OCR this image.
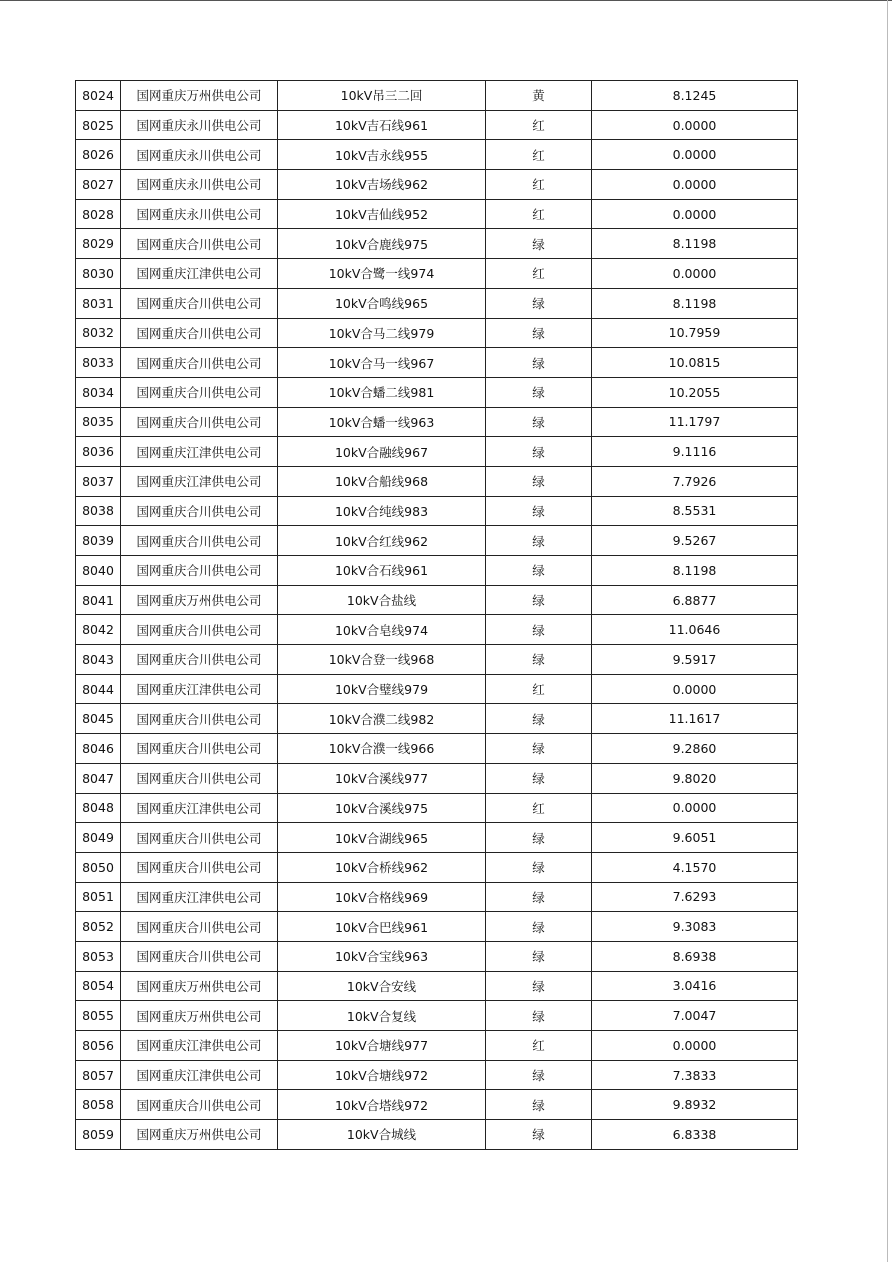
8024	国网重庆万州供电公司	10kV吊三二回	黄	8.1245
8025	国网重庆永川供电公司	10kV吉石线961	红	0.0000
8026	国网重庆永川供电公司	10kV吉永线955	红	0.0000
8027	国网重庆永川供电公司	10kV吉场线962	红	0.0000
8028	国网重庆永川供电公司	10kV吉仙线952	红	0.0000
8029	国网重庆合川供电公司	10kV合鹿线975	绿	8.1198
8030	国网重庆江津供电公司	10kV合鹭一线974	红	0.0000
8031	国网重庆合川供电公司	10kV合鸣线965	绿	8.1198
8032	国网重庆合川供电公司	10kV合马二线979	绿	10.7959
8033	国网重庆合川供电公司	10kV合马一线967	绿	10.0815
8034	国网重庆合川供电公司	10kV合蟠二线981	绿	10.2055
8035	国网重庆合川供电公司	10kV合蟠一线963	绿	11.1797
8036	国网重庆江津供电公司	10kV合融线967	绿	9.1116
8037	国网重庆江津供电公司	10kV合船线968	绿	7.7926
8038	国网重庆合川供电公司	10kV合纯线983	绿	8.5531
8039	国网重庆合川供电公司	10kV合红线962	绿	9.5267
8040	国网重庆合川供电公司	10kV合石线961	绿	8.1198
8041	国网重庆万州供电公司	10kV合盐线	绿	6.8877
8042	国网重庆合川供电公司	10kV合皂线974	绿	11.0646
8043	国网重庆合川供电公司	10kV合登一线968	绿	9.5917
8044	国网重庆江津供电公司	10kV合璧线979	红	0.0000
8045	国网重庆合川供电公司	10kV合濮二线982	绿	11.1617
8046	国网重庆合川供电公司	10kV合濮一线966	绿	9.2860
8047	国网重庆合川供电公司	10kV合溪线977	绿	9.8020
8048	国网重庆江津供电公司	10kV合溪线975	红	0.0000
8049	国网重庆合川供电公司	10kV合湖线965	绿	9.6051
8050	国网重庆合川供电公司	10kV合桥线962	绿	4.1570
8051	国网重庆江津供电公司	10kV合格线969	绿	7.6293
8052	国网重庆合川供电公司	10kV合巴线961	绿	9.3083
8053	国网重庆合川供电公司	10kV合宝线963	绿	8.6938
8054	国网重庆万州供电公司	10kV合安线	绿	3.0416
8055	国网重庆万州供电公司	10kV合复线	绿	7.0047
8056	国网重庆江津供电公司	10kV合塘线977	红	0.0000
8057	国网重庆江津供电公司	10kV合塘线972	绿	7.3833
8058	国网重庆合川供电公司	10kV合塔线972	绿	9.8932
8059	国网重庆万州供电公司	10kV合城线	绿	6.8338
